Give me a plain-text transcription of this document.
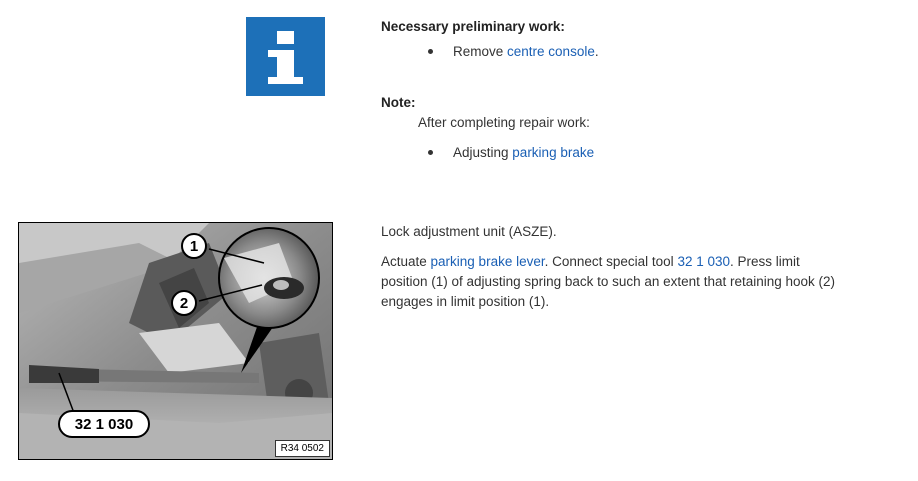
Necessary preliminary work:
Remove centre console.
Note:
After completing repair work:
Adjusting parking brake
R34 0502
1
2
32 1 030
Lock adjustment unit (ASZE).
Actuate parking brake lever. Connect special tool 32 1 030. Press limit
position (1) of adjusting spring back to such an extent that retaining hook (2)
engages in limit position (1).
